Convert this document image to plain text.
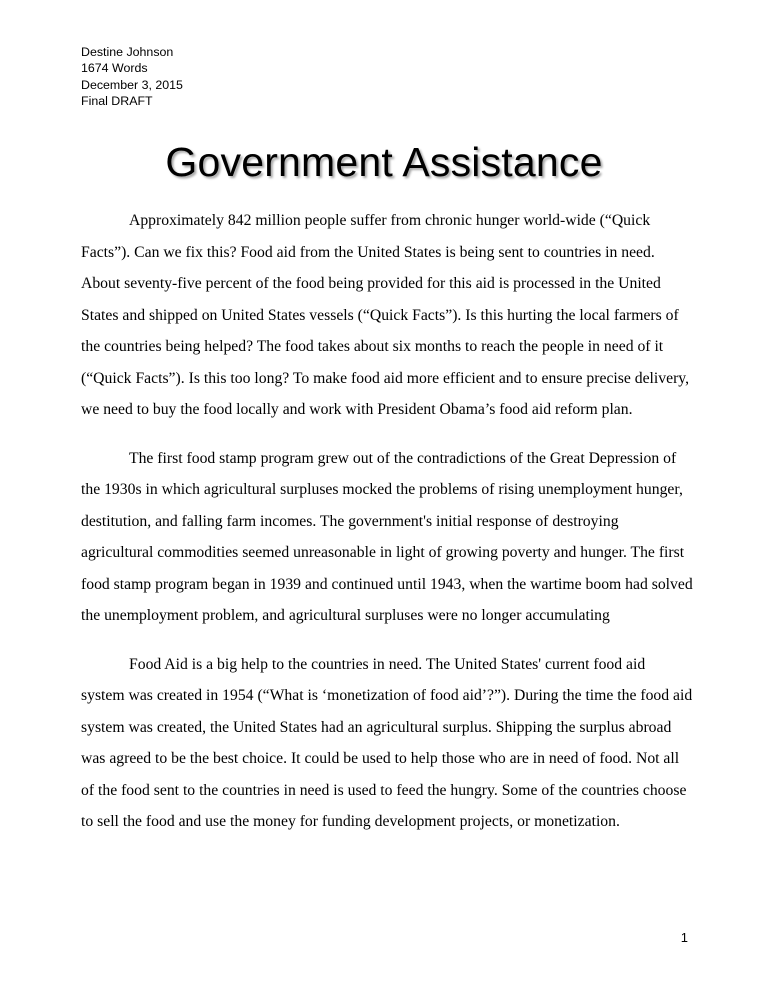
Destine Johnson
1674 Words
December 3, 2015
Final DRAFT
Government Assistance
Approximately 842 million people suffer from chronic hunger world-wide (“Quick
Facts”). Can we fix this? Food aid from the United States is being sent to countries in need.
About seventy-five percent of the food being provided for this aid is processed in the United
States and shipped on United States vessels (“Quick Facts”). Is this hurting the local farmers of
the countries being helped? The food takes about six months to reach the people in need of it
(“Quick Facts”). Is this too long? To make food aid more efficient and to ensure precise delivery,
we need to buy the food locally and work with President Obama’s food aid reform plan.
The first food stamp program grew out of the contradictions of the Great Depression of
the 1930s in which agricultural surpluses mocked the problems of rising unemployment hunger,
destitution, and falling farm incomes. The government's initial response of destroying
agricultural commodities seemed unreasonable in light of growing poverty and hunger. The first
food stamp program began in 1939 and continued until 1943, when the wartime boom had solved
the unemployment problem, and agricultural surpluses were no longer accumulating
Food Aid is a big help to the countries in need. The United States' current food aid
system was created in 1954 (“What is ‘monetization of food aid’?”). During the time the food aid
system was created, the United States had an agricultural surplus. Shipping the surplus abroad
was agreed to be the best choice. It could be used to help those who are in need of food. Not all
of the food sent to the countries in need is used to feed the hungry. Some of the countries choose
to sell the food and use the money for funding development projects, or monetization.
1
